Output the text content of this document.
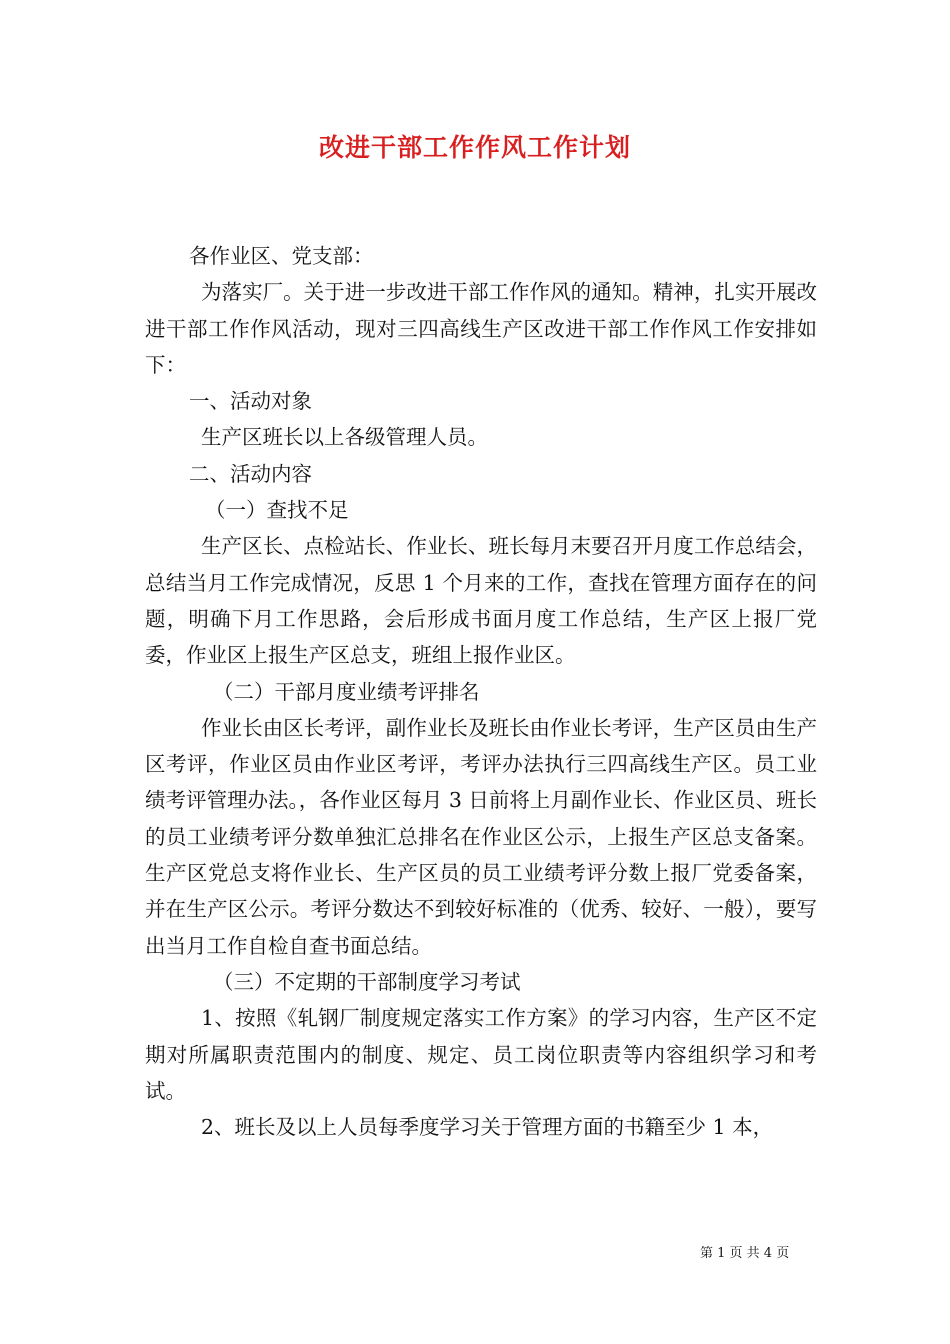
改进干部工作作风工作计划

各作业区、党支部：

为落实厂。关于进一步改进干部工作作风的通知。精神，扎实开展改进干部工作作风活动，现对三四高线生产区改进干部工作作风工作安排如下：

一、活动对象

生产区班长以上各级管理人员。

二、活动内容

（一）查找不足

生产区长、点检站长、作业长、班长每月末要召开月度工作总结会，总结当月工作完成情况，反思 1 个月来的工作，查找在管理方面存在的问题，明确下月工作思路，会后形成书面月度工作总结，生产区上报厂党委，作业区上报生产区总支，班组上报作业区。

（二）干部月度业绩考评排名

作业长由区长考评，副作业长及班长由作业长考评，生产区员由生产区考评，作业区员由作业区考评，考评办法执行三四高线生产区。员工业绩考评管理办法。，各作业区每月 3 日前将上月副作业长、作业区员、班长的员工业绩考评分数单独汇总排名在作业区公示，上报生产区总支备案。生产区党总支将作业长、生产区员的员工业绩考评分数上报厂党委备案，并在生产区公示。考评分数达不到较好标准的（优秀、较好、一般），要写出当月工作自检自查书面总结。

（三）不定期的干部制度学习考试

1、按照《轧钢厂制度规定落实工作方案》的学习内容，生产区不定期对所属职责范围内的制度、规定、员工岗位职责等内容组织学习和考试。

2、班长及以上人员每季度学习关于管理方面的书籍至少 1 本，

第 1 页 共 4 页
